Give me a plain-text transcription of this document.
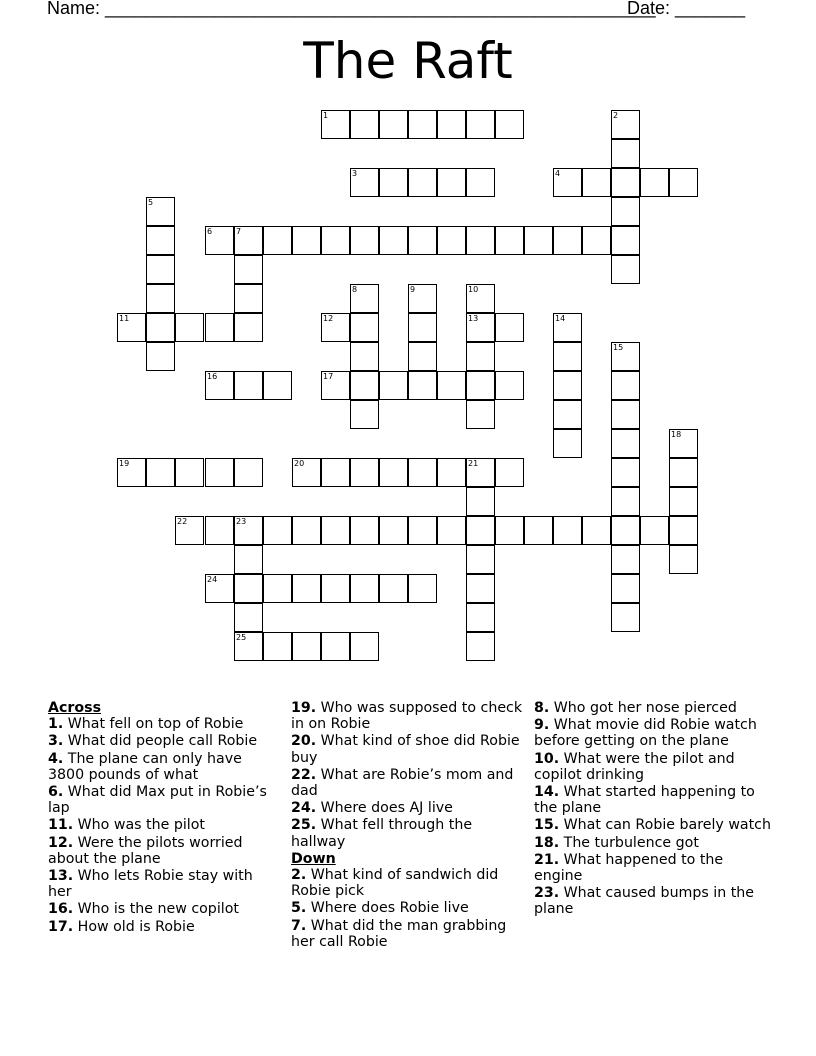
Name: _______________________________________________________
Date: _______
The Raft
1	2
3	4
5
6	7
8	9	10
11	12	13	14
15
16	17
18
19	20	21
22	23
24
25
Across
1. What fell on top of Robie
3. What did people call Robie
4. The plane can only have 3800 pounds of what
6. What did Max put in Robie’s lap
11. Who was the pilot
12. Were the pilots worried about the plane
13. Who lets Robie stay with her
16. Who is the new copilot
17. How old is Robie
19. Who was supposed to check in on Robie
20. What kind of shoe did Robie buy
22. What are Robie’s mom and dad
24. Where does AJ live
25. What fell through the hallway
Down
2. What kind of sandwich did Robie pick
5. Where does Robie live
7. What did the man grabbing her call Robie
8. Who got her nose pierced
9. What movie did Robie watch before getting on the plane
10. What were the pilot and copilot drinking
14. What started happening to the plane
15. What can Robie barely watch
18. The turbulence got
21. What happened to the engine
23. What caused bumps in the plane
